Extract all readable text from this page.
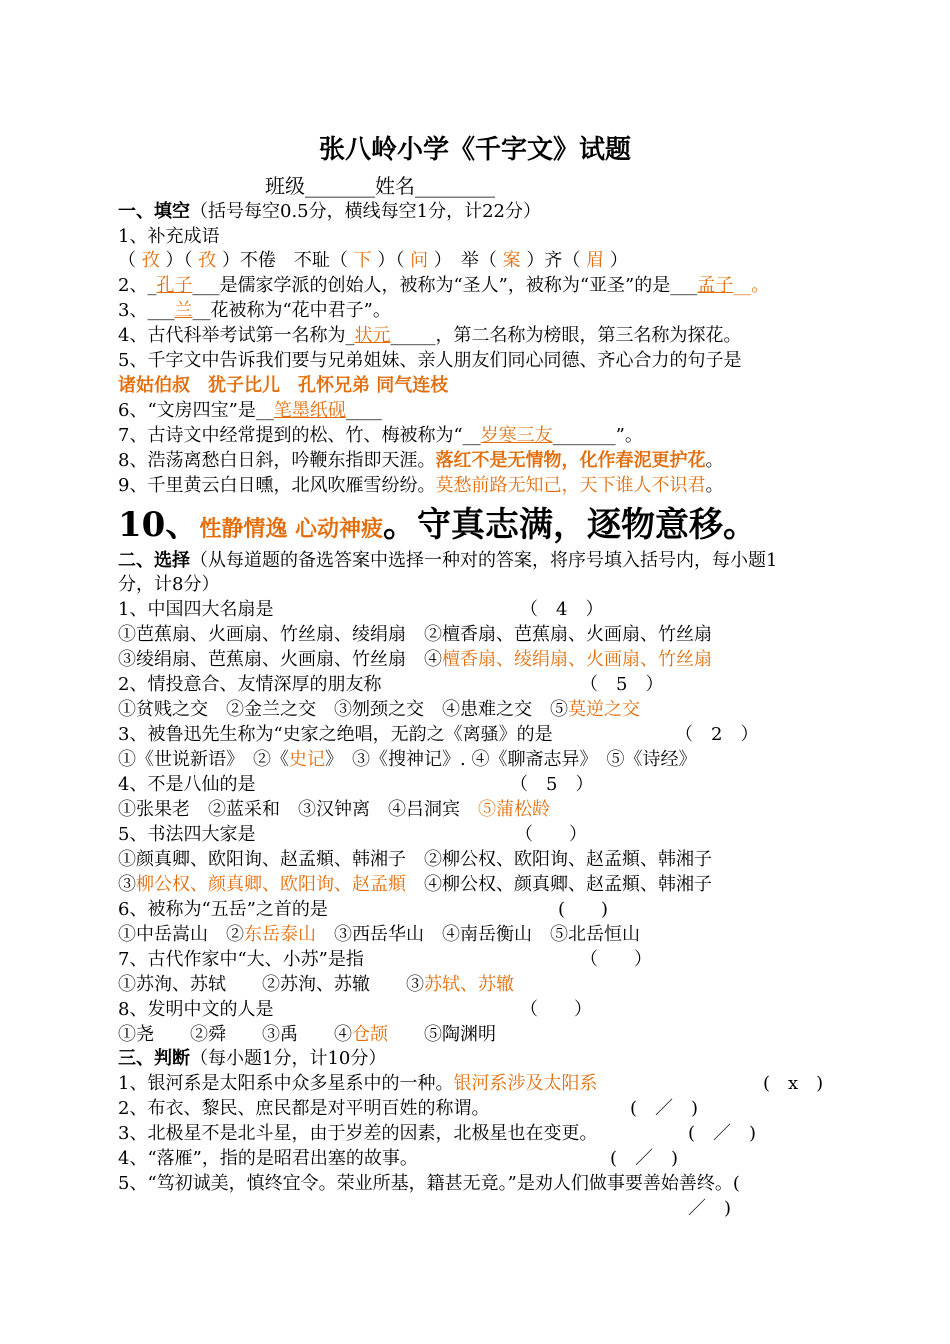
张八岭小学《千字文》试题
班级_______姓名________
一、填空（括号每空0.5分，横线每空1分，计22分）
1、补充成语
（ 孜 ）（ 孜 ）不倦　不耻（ 下 ）（ 问 ）　举（ 案 ）齐（ 眉 ）
2、_孔子___是儒家学派的创始人，被称为“圣人”，被称为“亚圣”的是___孟子__。
3、___兰__花被称为“花中君子”。
4、古代科举考试第一名称为_状元_____，第二名称为榜眼，第三名称为探花。
5、千字文中告诉我们要与兄弟姐妹、亲人朋友们同心同德、齐心合力的句子是
诸姑伯叔　犹子比儿　孔怀兄弟 同气连枝
6、“文房四宝”是__笔墨纸砚____
7、古诗文中经常提到的松、竹、梅被称为“__岁寒三友_______”。
8、浩荡离愁白日斜，吟鞭东指即天涯。落红不是无情物，化作春泥更护花。
9、千里黄云白日曛，北风吹雁雪纷纷。莫愁前路无知己，天下谁人不识君。
10、性静情逸 心动神疲。守真志满，逐物意移。
二、选择（从每道题的备选答案中选择一种对的答案，将序号填入括号内，每小题1
分，计8分）
1、中国四大名扇是	（　4　）
①芭蕉扇、火画扇、竹丝扇、绫绢扇　②檀香扇、芭蕉扇、火画扇、竹丝扇
③绫绢扇、芭蕉扇、火画扇、竹丝扇　④檀香扇、绫绢扇、火画扇、竹丝扇
2、情投意合、友情深厚的朋友称	（　5　）
①贫贱之交　②金兰之交　③刎颈之交　④患难之交　⑤莫逆之交
3、被鲁迅先生称为“史家之绝唱，无韵之《离骚》的是	（　2　）
①《世说新语》　②《史记》　③《搜神记》. ④《聊斋志异》　⑤《诗经》
4、不是八仙的是	（　5　）
①张果老　②蓝采和　③汉钟离　④吕洞宾　⑤蒲松龄
5、书法四大家是	（　　）
①颜真卿、欧阳询、赵孟頫、韩湘子　②柳公权、欧阳询、赵孟頫、韩湘子
③柳公权、颜真卿、欧阳询、赵孟頫　 ④柳公权、颜真卿、赵孟頫、韩湘子
6、被称为“五岳”之首的是	(　　)
①中岳嵩山　②东岳泰山　 ③西岳华山　④南岳衡山　⑤北岳恒山
7、古代作家中“大、小苏”是指	（　　）
①苏洵、苏轼　　②苏洵、苏辙　　③苏轼、苏辙
8、发明中文的人是	（　　）
①尧　　②舜　　③禹　　④仓颉　　⑤陶渊明
三、判断（每小题1分，计10分）
1、银河系是太阳系中众多星系中的一种。银河系涉及太阳系	(　x　)
2、布衣、黎民、庶民都是对平明百姓的称谓。	(　／　)
3、北极星不是北斗星，由于岁差的因素，北极星也在变更。	(　／　)
4、“落雁”，指的是昭君出塞的故事。	(　／　)
5、“笃初诚美，慎终宜令。荣业所基，籍甚无竟。”是劝人们做事要善始善终。(
／　)
